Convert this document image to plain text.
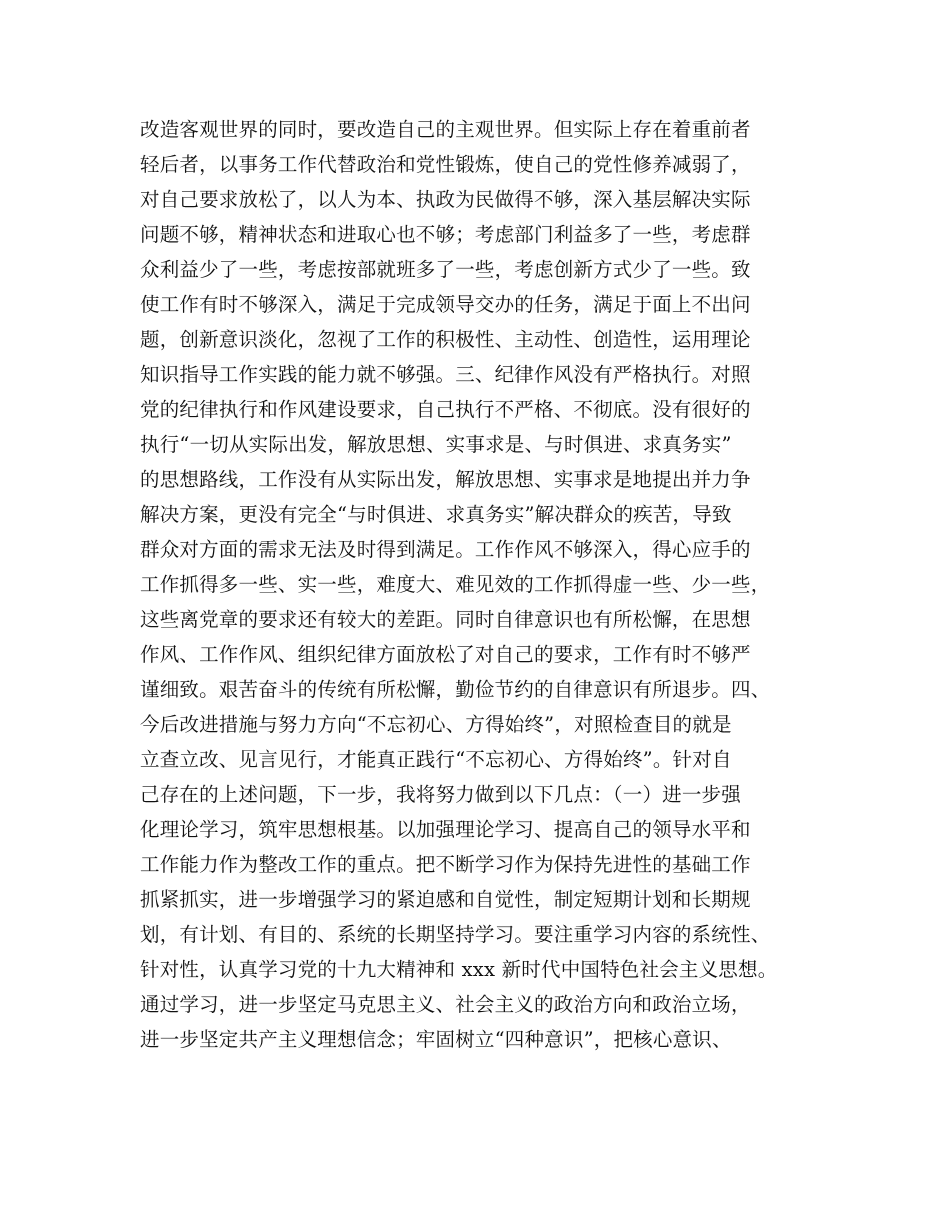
改造客观世界的同时，要改造自己的主观世界。但实际上存在着重前者
轻后者，以事务工作代替政治和党性锻炼，使自己的党性修养减弱了，
对自己要求放松了，以人为本、执政为民做得不够，深入基层解决实际
问题不够，精神状态和进取心也不够；考虑部门利益多了一些，考虑群
众利益少了一些，考虑按部就班多了一些，考虑创新方式少了一些。致
使工作有时不够深入，满足于完成领导交办的任务，满足于面上不出问
题，创新意识淡化，忽视了工作的积极性、主动性、创造性，运用理论
知识指导工作实践的能力就不够强。三、纪律作风没有严格执行。对照
党的纪律执行和作风建设要求，自己执行不严格、不彻底。没有很好的
执行“一切从实际出发，解放思想、实事求是、与时俱进、求真务实”
的思想路线，工作没有从实际出发，解放思想、实事求是地提出并力争
解决方案，更没有完全“与时俱进、求真务实”解决群众的疾苦，导致
群众对方面的需求无法及时得到满足。工作作风不够深入，得心应手的
工作抓得多一些、实一些，难度大、难见效的工作抓得虚一些、少一些，
这些离党章的要求还有较大的差距。同时自律意识也有所松懈，在思想
作风、工作作风、组织纪律方面放松了对自己的要求，工作有时不够严
谨细致。艰苦奋斗的传统有所松懈，勤俭节约的自律意识有所退步。四、
今后改进措施与努力方向“不忘初心、方得始终”，对照检查目的就是
立查立改、见言见行，才能真正践行“不忘初心、方得始终”。针对自
己存在的上述问题，下一步，我将努力做到以下几点：（一）进一步强
化理论学习，筑牢思想根基。以加强理论学习、提高自己的领导水平和
工作能力作为整改工作的重点。把不断学习作为保持先进性的基础工作
抓紧抓实，进一步增强学习的紧迫感和自觉性，制定短期计划和长期规
划，有计划、有目的、系统的长期坚持学习。要注重学习内容的系统性、
针对性，认真学习党的十九大精神和 xxx 新时代中国特色社会主义思想。
通过学习，进一步坚定马克思主义、社会主义的政治方向和政治立场，
进一步坚定共产主义理想信念；牢固树立“四种意识”，把核心意识、
